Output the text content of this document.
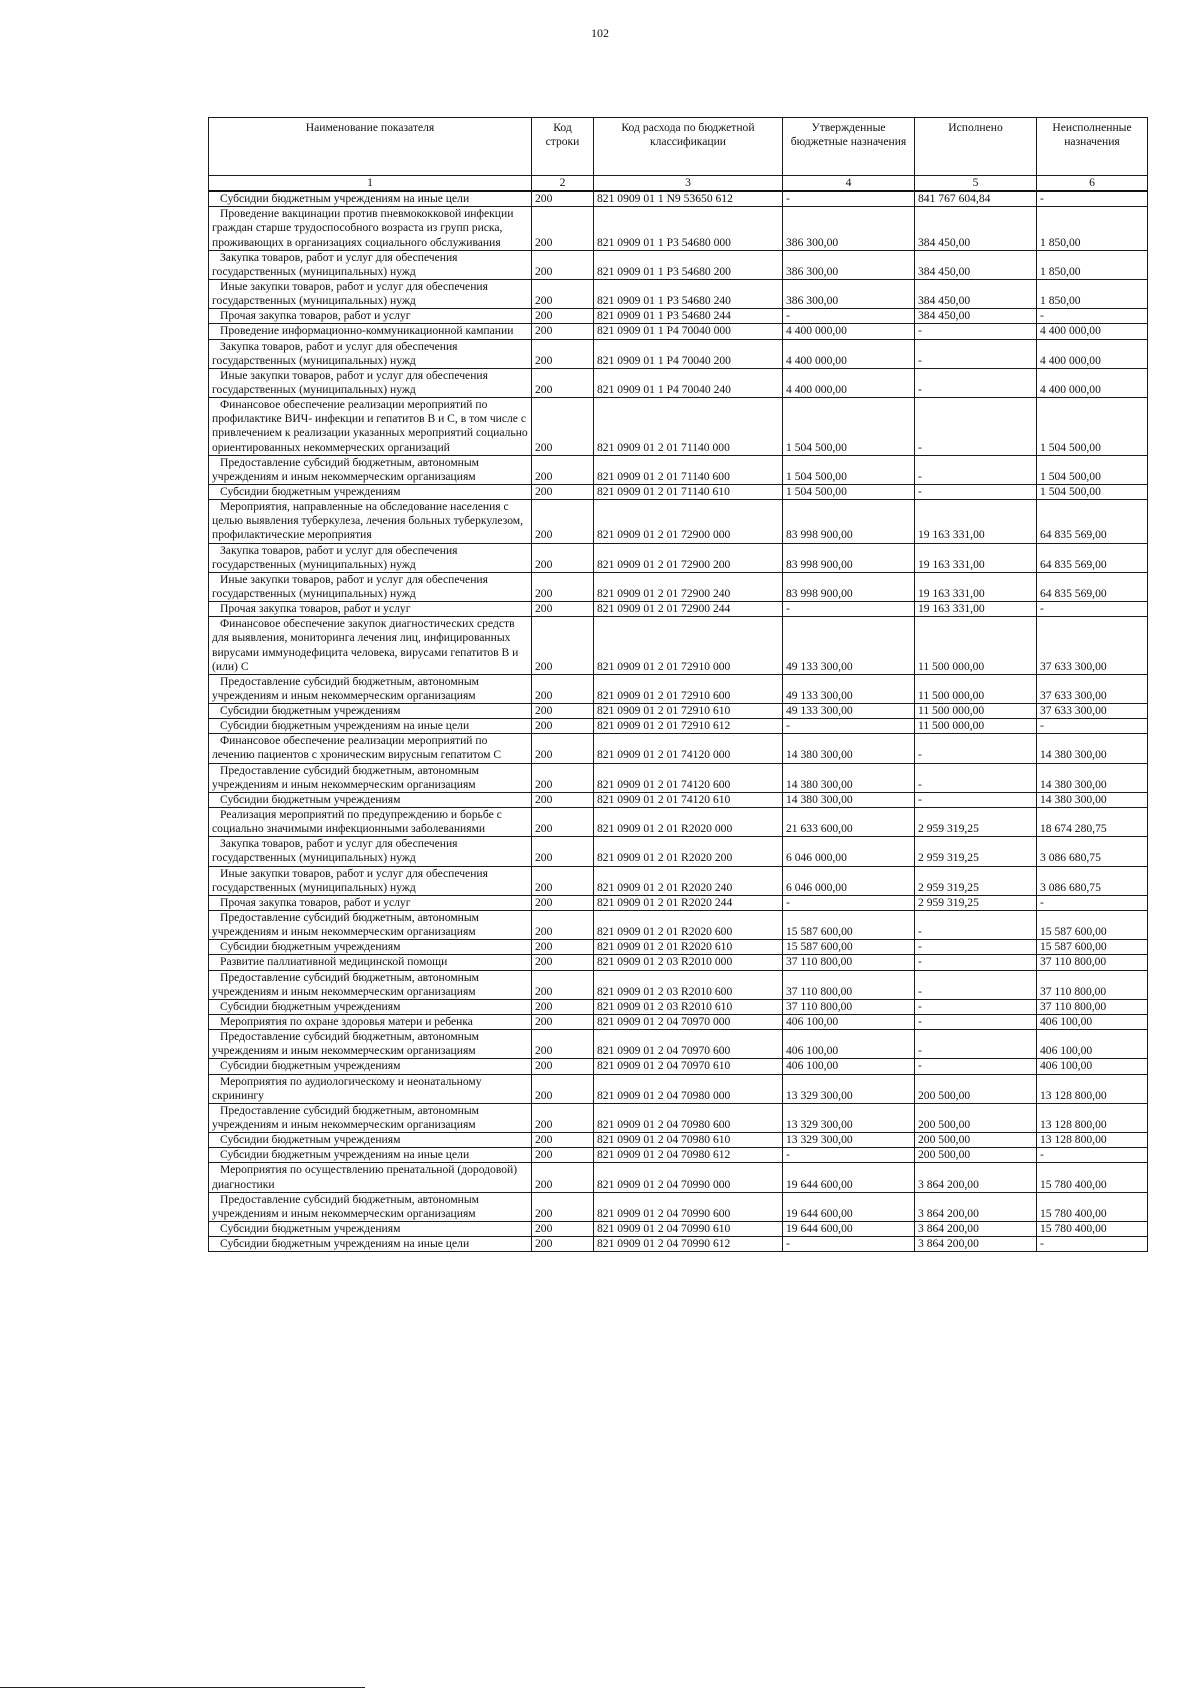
102
Наименование показателя	Код строки	Код расхода по бюджетной классификации	Утвержденные бюджетные назначения	Исполнено	Неисполненные назначения
1	2	3	4	5	6
Субсидии бюджетным учреждениям на иные цели	200	821 0909 01 1 N9 53650 612	-	841 767 604,84	-
Проведение вакцинации против пневмококковой инфекции граждан старше трудоспособного возраста из групп риска, проживающих в организациях социального обслуживания	200	821 0909 01 1 P3 54680 000	386 300,00	384 450,00	1 850,00
Закупка товаров, работ и услуг для обеспечения государственных (муниципальных) нужд	200	821 0909 01 1 P3 54680 200	386 300,00	384 450,00	1 850,00
Иные закупки товаров, работ и услуг для обеспечения государственных (муниципальных) нужд	200	821 0909 01 1 P3 54680 240	386 300,00	384 450,00	1 850,00
Прочая закупка товаров, работ и услуг	200	821 0909 01 1 P3 54680 244	-	384 450,00	-
Проведение информационно-коммуникационной кампании	200	821 0909 01 1 P4 70040 000	4 400 000,00	-	4 400 000,00
Закупка товаров, работ и услуг для обеспечения государственных (муниципальных) нужд	200	821 0909 01 1 P4 70040 200	4 400 000,00	-	4 400 000,00
Иные закупки товаров, работ и услуг для обеспечения государственных (муниципальных) нужд	200	821 0909 01 1 P4 70040 240	4 400 000,00	-	4 400 000,00
Финансовое обеспечение реализации мероприятий по профилактике ВИЧ- инфекции и гепатитов В и С, в том числе с привлечением к реализации указанных мероприятий социально ориентированных некоммерческих организаций	200	821 0909 01 2 01 71140 000	1 504 500,00	-	1 504 500,00
Предоставление субсидий бюджетным, автономным учреждениям и иным некоммерческим организациям	200	821 0909 01 2 01 71140 600	1 504 500,00	-	1 504 500,00
Субсидии бюджетным учреждениям	200	821 0909 01 2 01 71140 610	1 504 500,00	-	1 504 500,00
Мероприятия, направленные на обследование населения с целью выявления туберкулеза, лечения больных туберкулезом, профилактические мероприятия	200	821 0909 01 2 01 72900 000	83 998 900,00	19 163 331,00	64 835 569,00
Закупка товаров, работ и услуг для обеспечения государственных (муниципальных) нужд	200	821 0909 01 2 01 72900 200	83 998 900,00	19 163 331,00	64 835 569,00
Иные закупки товаров, работ и услуг для обеспечения государственных (муниципальных) нужд	200	821 0909 01 2 01 72900 240	83 998 900,00	19 163 331,00	64 835 569,00
Прочая закупка товаров, работ и услуг	200	821 0909 01 2 01 72900 244	-	19 163 331,00	-
Финансовое обеспечение закупок диагностических средств для выявления, мониторинга лечения лиц, инфицированных вирусами иммунодефицита человека, вирусами гепатитов В и (или) С	200	821 0909 01 2 01 72910 000	49 133 300,00	11 500 000,00	37 633 300,00
Предоставление субсидий бюджетным, автономным учреждениям и иным некоммерческим организациям	200	821 0909 01 2 01 72910 600	49 133 300,00	11 500 000,00	37 633 300,00
Субсидии бюджетным учреждениям	200	821 0909 01 2 01 72910 610	49 133 300,00	11 500 000,00	37 633 300,00
Субсидии бюджетным учреждениям на иные цели	200	821 0909 01 2 01 72910 612	-	11 500 000,00	-
Финансовое обеспечение реализации мероприятий по лечению пациентов с хроническим вирусным гепатитом С	200	821 0909 01 2 01 74120 000	14 380 300,00	-	14 380 300,00
Предоставление субсидий бюджетным, автономным учреждениям и иным некоммерческим организациям	200	821 0909 01 2 01 74120 600	14 380 300,00	-	14 380 300,00
Субсидии бюджетным учреждениям	200	821 0909 01 2 01 74120 610	14 380 300,00	-	14 380 300,00
Реализация мероприятий по предупреждению и борьбе с социально значимыми инфекционными заболеваниями	200	821 0909 01 2 01 R2020 000	21 633 600,00	2 959 319,25	18 674 280,75
Закупка товаров, работ и услуг для обеспечения государственных (муниципальных) нужд	200	821 0909 01 2 01 R2020 200	6 046 000,00	2 959 319,25	3 086 680,75
Иные закупки товаров, работ и услуг для обеспечения государственных (муниципальных) нужд	200	821 0909 01 2 01 R2020 240	6 046 000,00	2 959 319,25	3 086 680,75
Прочая закупка товаров, работ и услуг	200	821 0909 01 2 01 R2020 244	-	2 959 319,25	-
Предоставление субсидий бюджетным, автономным учреждениям и иным некоммерческим организациям	200	821 0909 01 2 01 R2020 600	15 587 600,00	-	15 587 600,00
Субсидии бюджетным учреждениям	200	821 0909 01 2 01 R2020 610	15 587 600,00	-	15 587 600,00
Развитие паллиативной медицинской помощи	200	821 0909 01 2 03 R2010 000	37 110 800,00	-	37 110 800,00
Предоставление субсидий бюджетным, автономным учреждениям и иным некоммерческим организациям	200	821 0909 01 2 03 R2010 600	37 110 800,00	-	37 110 800,00
Субсидии бюджетным учреждениям	200	821 0909 01 2 03 R2010 610	37 110 800,00	-	37 110 800,00
Мероприятия по охране здоровья матери и ребенка	200	821 0909 01 2 04 70970 000	406 100,00	-	406 100,00
Предоставление субсидий бюджетным, автономным учреждениям и иным некоммерческим организациям	200	821 0909 01 2 04 70970 600	406 100,00	-	406 100,00
Субсидии бюджетным учреждениям	200	821 0909 01 2 04 70970 610	406 100,00	-	406 100,00
Мероприятия по аудиологическому и неонатальному скринингу	200	821 0909 01 2 04 70980 000	13 329 300,00	200 500,00	13 128 800,00
Предоставление субсидий бюджетным, автономным учреждениям и иным некоммерческим организациям	200	821 0909 01 2 04 70980 600	13 329 300,00	200 500,00	13 128 800,00
Субсидии бюджетным учреждениям	200	821 0909 01 2 04 70980 610	13 329 300,00	200 500,00	13 128 800,00
Субсидии бюджетным учреждениям на иные цели	200	821 0909 01 2 04 70980 612	-	200 500,00	-
Мероприятия по осуществлению пренатальной (дородовой) диагностики	200	821 0909 01 2 04 70990 000	19 644 600,00	3 864 200,00	15 780 400,00
Предоставление субсидий бюджетным, автономным учреждениям и иным некоммерческим организациям	200	821 0909 01 2 04 70990 600	19 644 600,00	3 864 200,00	15 780 400,00
Субсидии бюджетным учреждениям	200	821 0909 01 2 04 70990 610	19 644 600,00	3 864 200,00	15 780 400,00
Субсидии бюджетным учреждениям на иные цели	200	821 0909 01 2 04 70990 612	-	3 864 200,00	-
